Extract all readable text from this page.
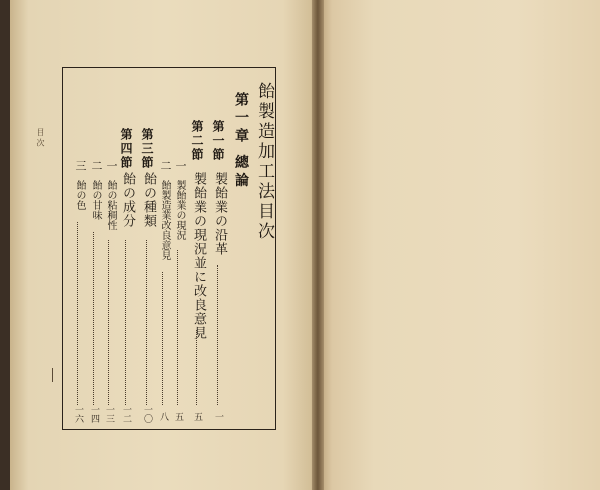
目 次	飴製造加工法目次
第一章 總論
第一節
製飴業の沿革
一
第二節
製飴業の現況並に改良意見
五
一
製飴業の現況
五
二
飴製造業改良意見
八
第三節
飴の種類
一〇
第四節
飴の成分
一二
一
飴の粘稠性
一三
二
飴の甘味
一四
三
飴の色
一六
